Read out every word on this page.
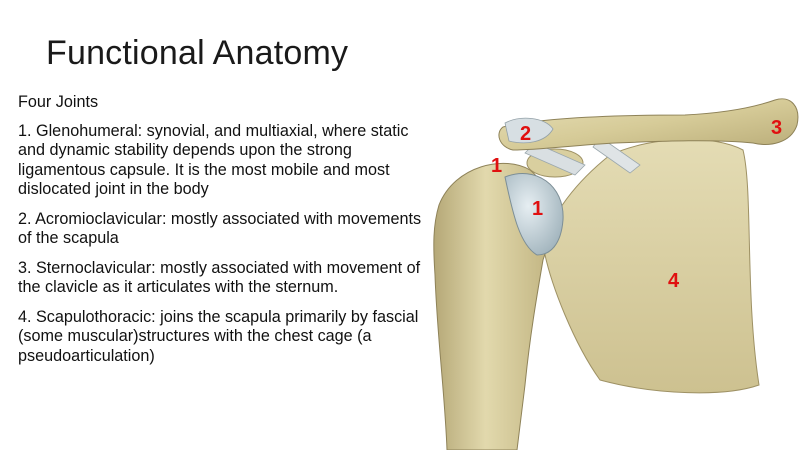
Functional Anatomy

Four Joints

1. Glenohumeral: synovial, and multiaxial, where static and dynamic stability depends upon the strong ligamentous capsule. It is the most mobile and most dislocated joint in the body

2. Acromioclavicular: mostly associated with movements of the scapula

3. Sternoclavicular: mostly associated with movement of the clavicle as it articulates with the sternum.

4. Scapulothoracic: joins the scapula primarily by fascial (some muscular)structures with the chest cage (a pseudoarticulation)

1
1
2	3
4
